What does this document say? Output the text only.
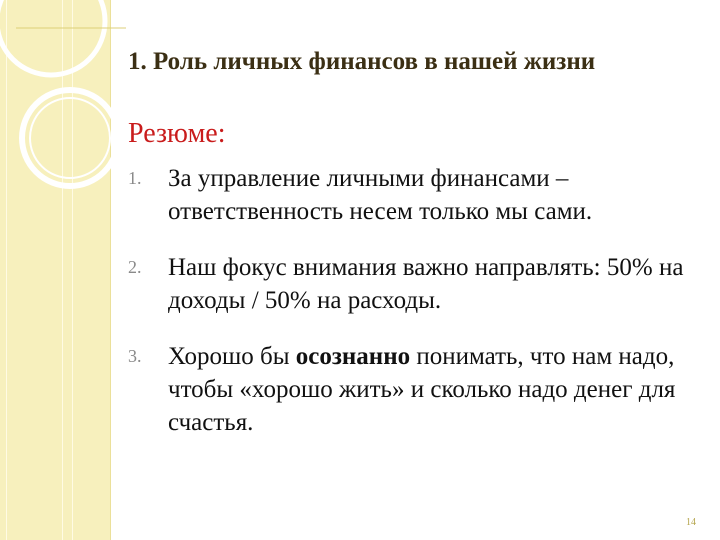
1. Роль личных финансов в нашей жизни
Резюме:
1. За управление личными финансами – ответственность несем только мы сами.
2. Наш фокус внимания важно направлять: 50% на доходы / 50% на расходы.
3. Хорошо бы осознанно понимать, что нам надо, чтобы «хорошо жить» и сколько надо денег для счастья.
14
